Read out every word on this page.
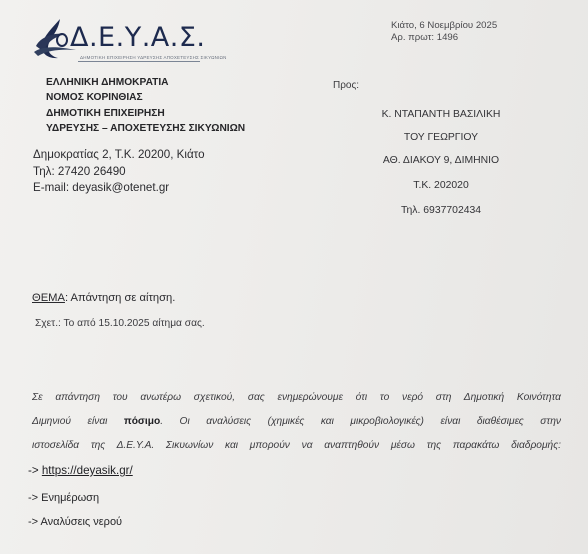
Δ.Ε.Υ.Α.Σ.
ΔΗΜΟΤΙΚΗ ΕΠΙΧΕΙΡΗΣΗ ΥΔΡΕΥΣΗΣ ΑΠΟΧΕΤΕΥΣΗΣ ΣΙΚΥΩΝΙΩΝ
ΕΛΛΗΝΙΚΗ ΔΗΜΟΚΡΑΤΙΑ
ΝΟΜΟΣ ΚΟΡΙΝΘΙΑΣ
ΔΗΜΟΤΙΚΗ ΕΠΙΧΕΙΡΗΣΗ
ΥΔΡΕΥΣΗΣ – ΑΠΟΧΕΤΕΥΣΗΣ ΣΙΚΥΩΝΙΩΝ
Δημοκρατίας 2, Τ.Κ. 20200, Κιάτο
Τηλ: 27420 26490
E-mail: deyasik@otenet.gr
Κιάτο, 6 Νοεμβρίου 2025
Αρ. πρωτ: 1496
Προς:
Κ. ΝΤΑΠΑΝΤΗ ΒΑΣΙΛΙΚΗ
ΤΟΥ ΓΕΩΡΓΙΟΥ
ΑΘ. ΔΙΑΚΟΥ 9, ΔΙΜΗΝΙΟ
Τ.Κ. 202020
Τηλ. 6937702434
ΘΕΜΑ: Απάντηση σε αίτηση.
Σχετ.: Το από 15.10.2025 αίτημα σας.
Σε απάντηση του ανωτέρω σχετικού, σας ενημερώνουμε ότι το νερό στη Δημοτική Κοινότητα
Διμηνιού είναι πόσιμο. Οι αναλύσεις (χημικές και μικροβιολογικές) είναι διαθέσιμες στην
ιστοσελίδα της Δ.Ε.Υ.Α. Σικυωνίων και μπορούν να αναπτηθούν μέσω της παρακάτω διαδρομής:
-> https://deyasik.gr/
-> Ενημέρωση
-> Αναλύσεις νερού
